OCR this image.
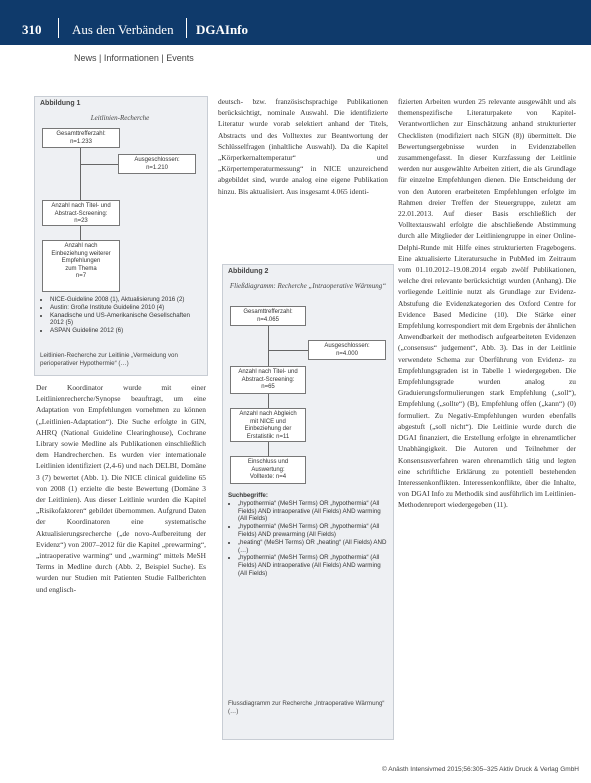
310 Aus den Verbänden DGAInfo
News | Informationen | Events
Abbildung 1
Leitlinien-Recherche
Gesamttrefferzahl:
n=1.233
Ausgeschlossen:
n=1.210
Anzahl nach Titel- und
Abstract-Screening:
n=23
Anzahl nach
Einbeziehung weiterer
Empfehlungen
zum Thema
n=7
• NICE-Guideline 2008 (1), Aktualisierung 2016 (2)
• Austin: Große Institute Guideline 2010 (4)
• Kanadische und US-Amerikanische Gesellschaften 2012 (5)
• ASPAN Guideline 2012 (6)
Leitlinien-Recherche zur Leitlinie „Vermeidung von perioperativer Hypothermie“ (…)

Der Koordinator wurde mit einer Leitlinienrecherche/Synopse beauftragt, um eine Adaptation von Empfehlungen vornehmen zu können („Leitlinien-Adaptation“). Die Suche erfolgte in GIN, AHRQ (National Guideline Clearinghouse), Cochrane Library sowie Medline als Publikationen einschließlich dem Handrecherchen. Es wurden vier internationale Leitlinien identifiziert (2,4-6) und nach DELBI, Domäne 3 (7) bewertet (Abb. 1). Die NICE clinical guideline 65 von 2008 (1) erzielte die beste Bewertung (Domäne 3 der Leitlinien). Aus dieser Leitlinie wurden die Kapitel „Risikofaktoren“ gebildet übernommen. Aufgrund Daten der Koordinatoren eine systematische Aktualisierungsrecherche („de novo-Aufbereitung der Evidenz“) von 2007–2012 für die Kapitel „prewarming“, „intraoperative warming“ und „warming“ mittels MeSH Terms in Medline durch (Abb. 2, Beispiel Suche). Es wurden nur Studien mit Patienten Studie Fallberichten und englisch-

deutsch- bzw. französischsprachige Publikationen berücksichtigt, nominale Auswahl. Die identifizierte Literatur wurde vorab selektiert anhand der Titels, Abstracts und des Volltextes zur Beantwortung der Schlüsselfragen (inhaltliche Auswahl). Da die Kapitel „Körperkernaltemperatur“ und „Körpertemperaturmessung“ in NICE unzureichend abgebildet sind, wurde analog eine eigene Publikation hinzu. Bis aktualisiert. Aus insgesamt 4.065 identi-

Abbildung 2
Fließdiagramm: Recherche „Intraoperative Wärmung“
Gesamttrefferzahl:
n=4.065
Ausgeschlossen:
n=4.000
Anzahl nach Titel- und
Abstract-Screening:
n=65
Anzahl nach Abgleich
mit NICE und
Einbeziehung der
Erstatistik: n=11
Einschluss und
Auswertung:
Volltexte: n=4
Suchbegriffe:
• „hypothermia“ (MeSH Terms) OR „hypothermia“ (All Fields) AND intraoperative (All Fields) AND warming (All Fields)
• „hypothermia“ (MeSH Terms) OR „hypothermia“ (All Fields) AND prewarming (All Fields)
• „heating“ (MeSH Terms) OR „heating“ (All Fields) AND (…)
• „hypothermia“ (MeSH Terms) OR „hypothermia“ (All Fields) AND intraoperative (All Fields) AND warming (All Fields)
Flussdiagramm zur Recherche „Intraoperative Wärmung“ (…)

fizierten Arbeiten wurden 25 relevante ausgewählt und als themenspezifische Literaturpakete von Kapitel-Verantwortlichen zur Einschätzung anhand strukturierter Checklisten (modifiziert nach SIGN (8)) übermittelt. Die Bewertungsergebnisse wurden in Evidenztabellen zusammengefasst. In dieser Kurzfassung der Leitlinie werden nur ausgewählte Arbeiten zitiert, die als Grundlage für einzelne Empfehlungen dienen. Die Entscheidung der von den Autoren erarbeiteten Empfehlungen erfolgte im Rahmen dreier Treffen der Steuergruppe, zuletzt am 22.01.2013. Auf dieser Basis erschließlich der Volltextauswahl erfolgte die abschließende Abstimmung durch alle Mitglieder der Leitliniengruppe in einer Online-Delphi-Runde mit Hilfe eines strukturierten Fragebogens. Eine aktualisierte Literatursuche in PubMed im Zeitraum vom 01.10.2012–19.08.2014 ergab zwölf Publikationen, welche drei relevante berücksichtigt wurden (Anhang). Die vorliegende Leitlinie nutzt als Grundlage zur Evidenz-Abstufung die Evidenzkategorien des Oxford Centre for Evidence Based Medicine (10). Die Stärke einer Empfehlung korrespondiert mit dem Ergebnis der ähnlichen Anwendbarkeit der methodisch aufgearbeiteten Evidenzen („consensus“ judgement“, Abb. 3). Das in der Leitlinie verwendete Schema zur Überführung von Evidenz- zu Empfehlungsgraden ist in Tabelle 1 wiedergegeben. Die Empfehlungsgrade wurden analog zu Graduierungsformulierungen stark Empfehlung („soll“), Empfehlung („sollte“) (B), Empfehlung offen („kann“) (0) formuliert. Zu Negativ-Empfehlungen wurden ebenfalls abgestuft („soll nicht“). Die Leitlinie wurde durch die DGAI finanziert, die Erstellung erfolgte in ehrenamtlicher Unabhängigkeit. Die Autoren und Teilnehmer der Konsensusverfahren waren ehrenamtlich tätig und legten eine schriftliche Erklärung zu potentiell bestehenden Interessenkonflikten. Interessenkonflikte, über die Inhalte, von DGAI Info zu Methodik sind ausführlich im Leitlinien-Methodenreport wiedergegeben (11).

© Anästh Intensivmed 2015;56:305–325 Aktiv Druck & Verlag GmbH
